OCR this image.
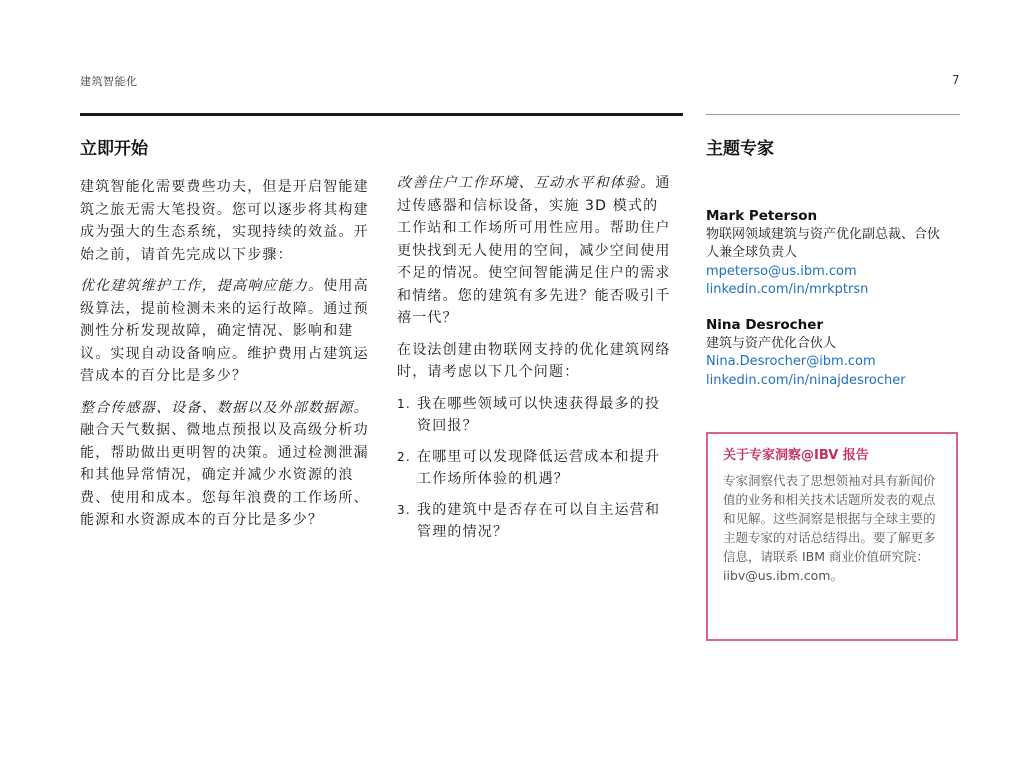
建筑智能化	7
立即开始

建筑智能化需要费些功夫，但是开启智能建筑之旅无需大笔投资。您可以逐步将其构建成为强大的生态系统，实现持续的效益。开始之前，请首先完成以下步骤：

优化建筑维护工作，提高响应能力。使用高级算法，提前检测未来的运行故障。通过预测性分析发现故障，确定情况、影响和建议。实现自动设备响应。维护费用占建筑运营成本的百分比是多少？

整合传感器、设备、数据以及外部数据源。融合天气数据、微地点预报以及高级分析功能，帮助做出更明智的决策。通过检测泄漏和其他异常情况，确定并减少水资源的浪费、使用和成本。您每年浪费的工作场所、能源和水资源成本的百分比是多少？

改善住户工作环境、互动水平和体验。通过传感器和信标设备，实施 3D 模式的工作站和工作场所可用性应用。帮助住户更快找到无人使用的空间，减少空间使用不足的情况。使空间智能满足住户的需求和情绪。您的建筑有多先进？能否吸引千禧一代？

在设法创建由物联网支持的优化建筑网络时，请考虑以下几个问题：

1. 我在哪些领域可以快速获得最多的投资回报？
2. 在哪里可以发现降低运营成本和提升工作场所体验的机遇？
3. 我的建筑中是否存在可以自主运营和管理的情况？
主题专家
Mark Peterson
物联网领域建筑与资产优化副总裁、合伙人兼全球负责人
mpeterso@us.ibm.com
linkedin.com/in/mrkptrsn
Nina Desrocher
建筑与资产优化合伙人
Nina.Desrocher@ibm.com
linkedin.com/in/ninajdesrocher
关于专家洞察@IBV 报告
专家洞察代表了思想领袖对具有新闻价值的业务和相关技术话题所发表的观点和见解。这些洞察是根据与全球主要的主题专家的对话总结得出。要了解更多信息，请联系 IBM 商业价值研究院：iibv@us.ibm.com。
